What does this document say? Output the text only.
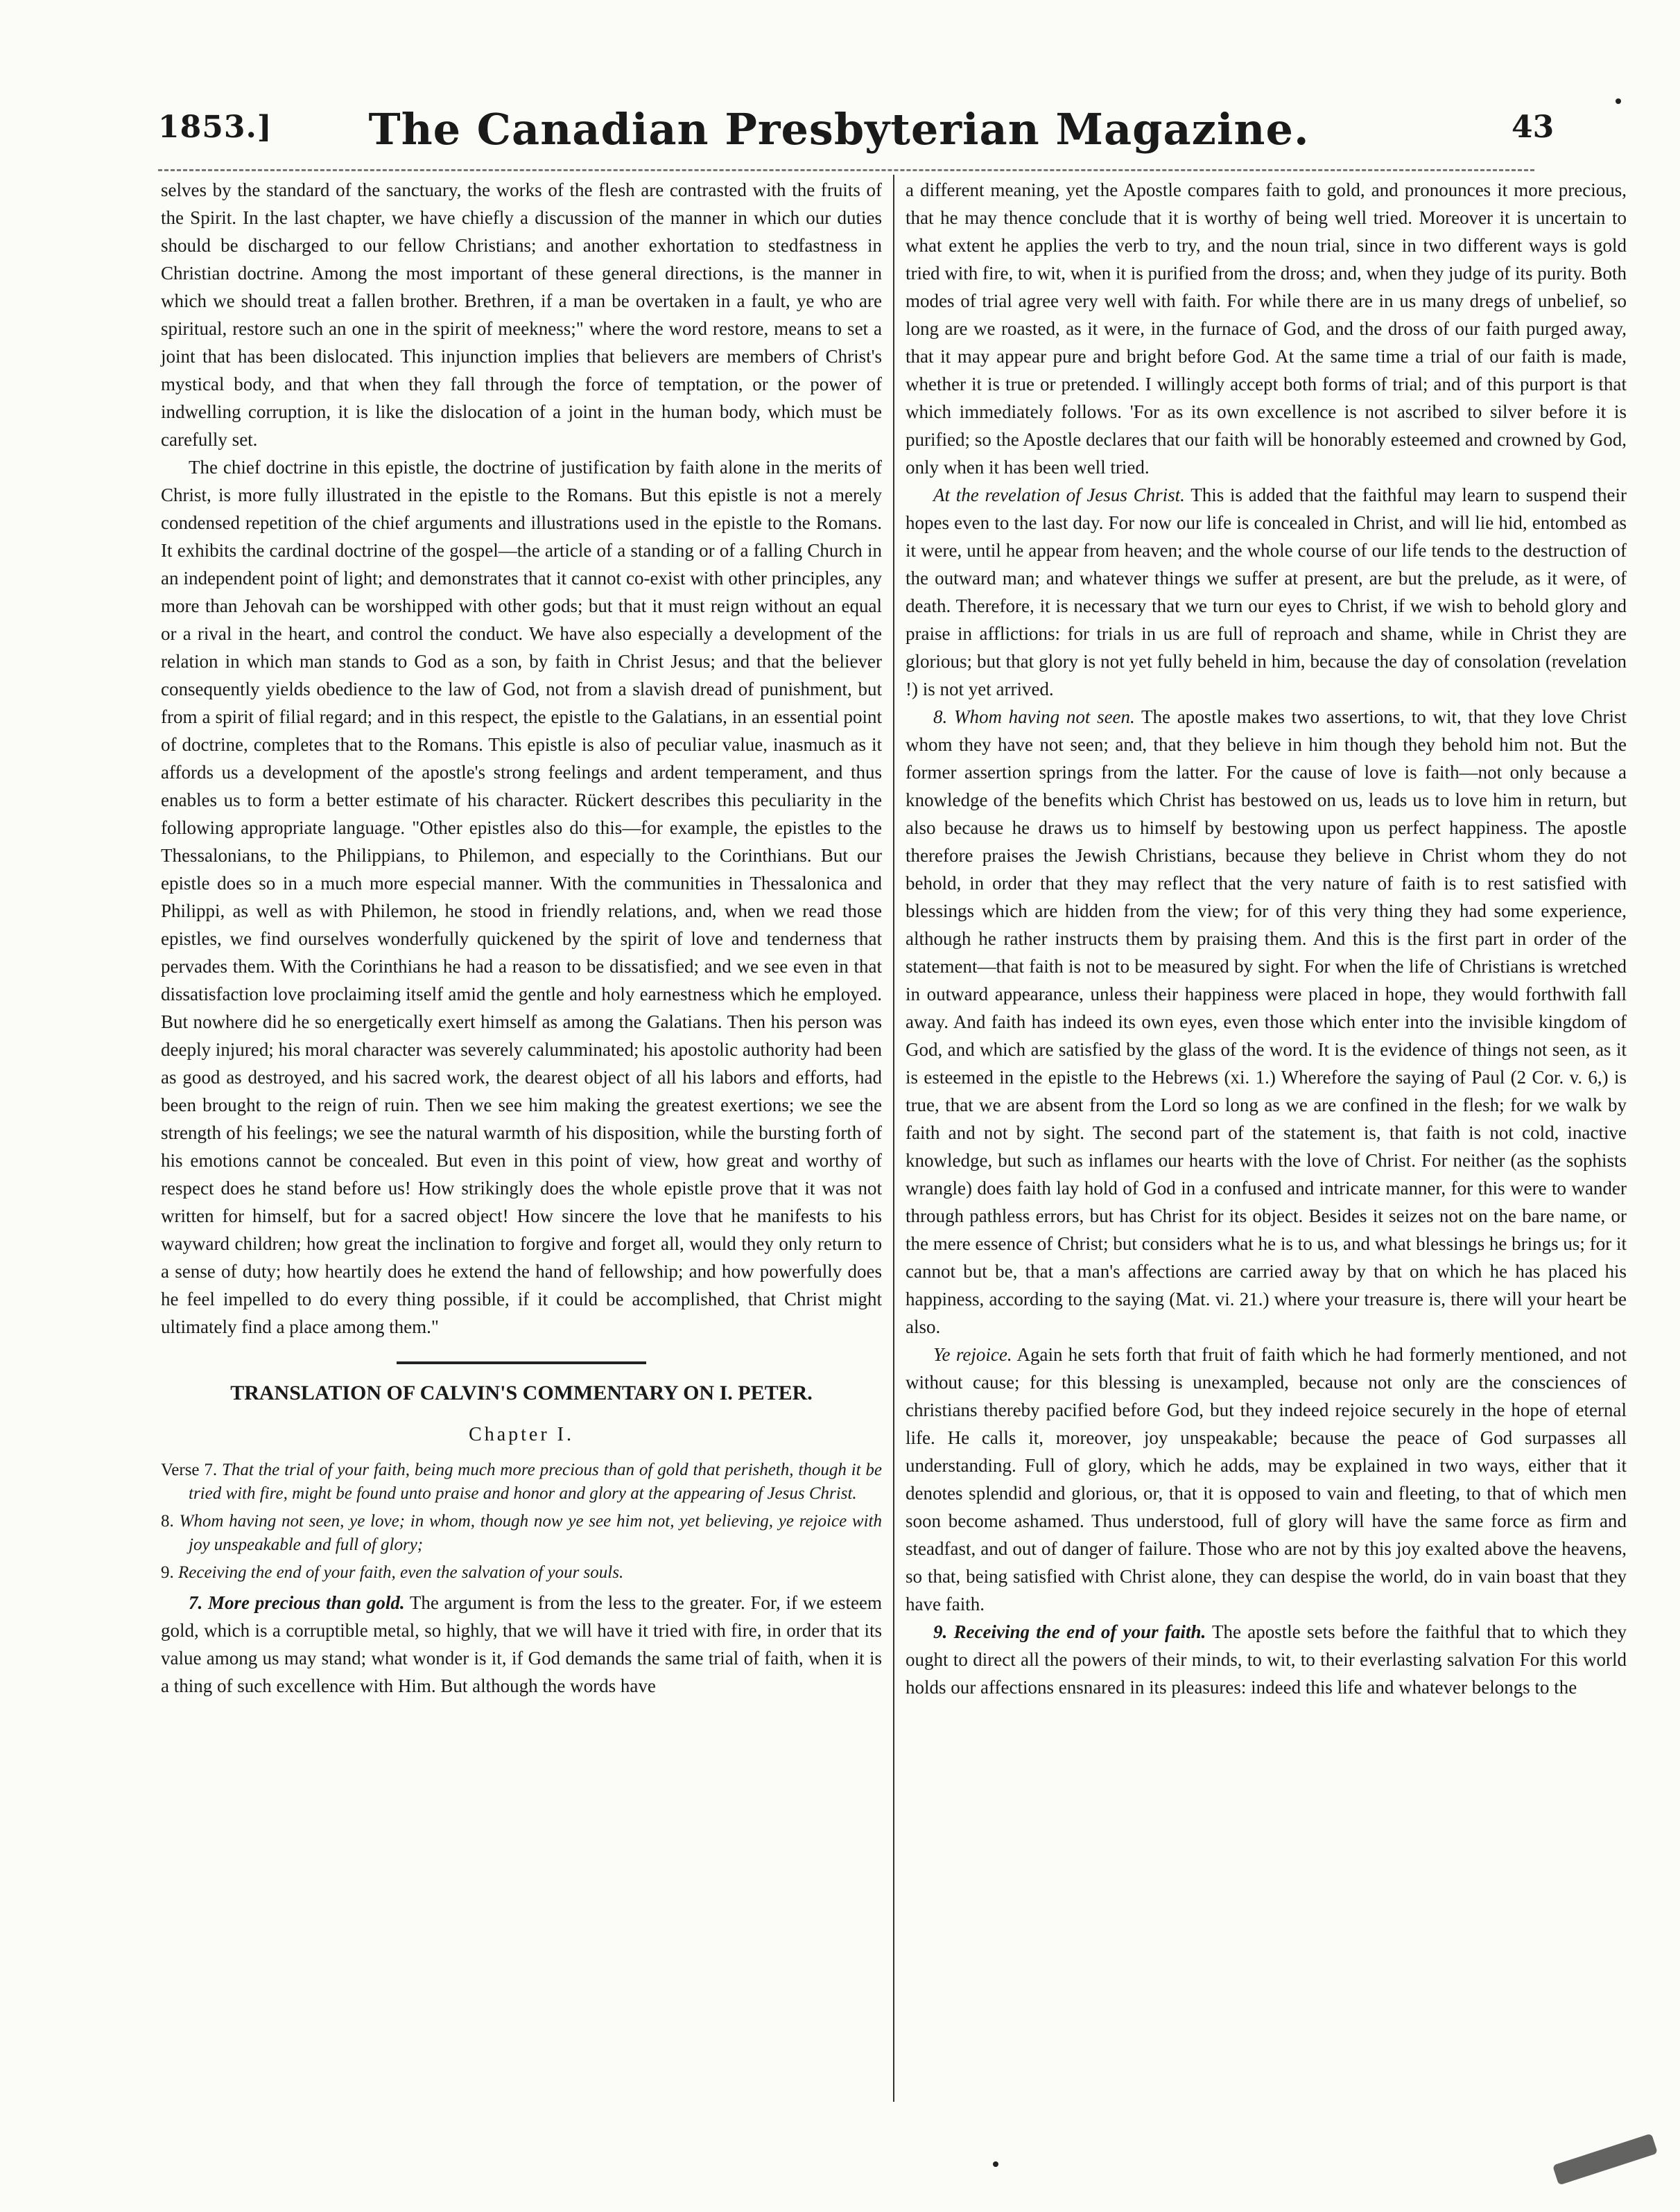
1853.]	The Canadian Presbyterian Magazine.	43

selves by the standard of the sanctuary, the works of the flesh are contrasted with the fruits of the Spirit. In the last chapter, we have chiefly a discussion of the manner in which our duties should be discharged to our fellow Christians; and another exhortation to stedfastness in Christian doctrine. Among the most important of these general directions, is the manner in which we should treat a fallen brother. Brethren, if a man be overtaken in a fault, ye who are spiritual, restore such an one in the spirit of meekness;" where the word restore, means to set a joint that has been dislocated. This injunction implies that believers are members of Christ's mystical body, and that when they fall through the force of temptation, or the power of indwelling corruption, it is like the dislocation of a joint in the human body, which must be carefully set.

The chief doctrine in this epistle, the doctrine of justification by faith alone in the merits of Christ, is more fully illustrated in the epistle to the Romans. But this epistle is not a merely condensed repetition of the chief arguments and illustrations used in the epistle to the Romans. It exhibits the cardinal doctrine of the gospel—the article of a standing or of a falling Church in an independent point of light; and demonstrates that it cannot co-exist with other principles, any more than Jehovah can be worshipped with other gods; but that it must reign without an equal or a rival in the heart, and control the conduct. We have also especially a development of the relation in which man stands to God as a son, by faith in Christ Jesus; and that the believer consequently yields obedience to the law of God, not from a slavish dread of punishment, but from a spirit of filial regard; and in this respect, the epistle to the Galatians, in an essential point of doctrine, completes that to the Romans. This epistle is also of peculiar value, inasmuch as it affords us a development of the apostle's strong feelings and ardent temperament, and thus enables us to form a better estimate of his character. Rückert describes this peculiarity in the following appropriate language. "Other epistles also do this—for example, the epistles to the Thessalonians, to the Philippians, to Philemon, and especially to the Corinthians. But our epistle does so in a much more especial manner. With the communities in Thessalonica and Philippi, as well as with Philemon, he stood in friendly relations, and, when we read those epistles, we find ourselves wonderfully quickened by the spirit of love and tenderness that pervades them. With the Corinthians he had a reason to be dissatisfied; and we see even in that dissatisfaction love proclaiming itself amid the gentle and holy earnestness which he employed. But nowhere did he so energetically exert himself as among the Galatians. Then his person was deeply injured; his moral character was severely calumminated; his apostolic authority had been as good as destroyed, and his sacred work, the dearest object of all his labors and efforts, had been brought to the reign of ruin. Then we see him making the greatest exertions; we see the strength of his feelings; we see the natural warmth of his disposition, while the bursting forth of his emotions cannot be concealed. But even in this point of view, how great and worthy of respect does he stand before us! How strikingly does the whole epistle prove that it was not written for himself, but for a sacred object! How sincere the love that he manifests to his wayward children; how great the inclination to forgive and forget all, would they only return to a sense of duty; how heartily does he extend the hand of fellowship; and how powerfully does he feel impelled to do every thing possible, if it could be accomplished, that Christ might ultimately find a place among them."

TRANSLATION OF CALVIN'S COMMENTARY ON I. PETER.
Chapter I.
Verse 7. That the trial of your faith, being much more precious than of gold that perisheth, though it be tried with fire, might be found unto praise and honor and glory at the appearing of Jesus Christ.
8. Whom having not seen, ye love; in whom, though now ye see him not, yet believing, ye rejoice with joy unspeakable and full of glory;
9. Receiving the end of your faith, even the salvation of your souls.

7. More precious than gold. The argument is from the less to the greater. For, if we esteem gold, which is a corruptible metal, so highly, that we will have it tried with fire, in order that its value among us may stand; what wonder is it, if God demands the same trial of faith, when it is a thing of such excellence with Him. But although the words have

a different meaning, yet the Apostle compares faith to gold, and pronounces it more precious, that he may thence conclude that it is worthy of being well tried. Moreover it is uncertain to what extent he applies the verb to try, and the noun trial, since in two different ways is gold tried with fire, to wit, when it is purified from the dross; and, when they judge of its purity. Both modes of trial agree very well with faith. For while there are in us many dregs of unbelief, so long are we roasted, as it were, in the furnace of God, and the dross of our faith purged away, that it may appear pure and bright before God. At the same time a trial of our faith is made, whether it is true or pretended. I willingly accept both forms of trial; and of this purport is that which immediately follows. 'For as its own excellence is not ascribed to silver before it is purified; so the Apostle declares that our faith will be honorably esteemed and crowned by God, only when it has been well tried.

At the revelation of Jesus Christ. This is added that the faithful may learn to suspend their hopes even to the last day. For now our life is concealed in Christ, and will lie hid, entombed as it were, until he appear from heaven; and the whole course of our life tends to the destruction of the outward man; and whatever things we suffer at present, are but the prelude, as it were, of death. Therefore, it is necessary that we turn our eyes to Christ, if we wish to behold glory and praise in afflictions: for trials in us are full of reproach and shame, while in Christ they are glorious; but that glory is not yet fully beheld in him, because the day of consolation (revelation !) is not yet arrived.

8. Whom having not seen. The apostle makes two assertions, to wit, that they love Christ whom they have not seen; and, that they believe in him though they behold him not. But the former assertion springs from the latter. For the cause of love is faith—not only because a knowledge of the benefits which Christ has bestowed on us, leads us to love him in return, but also because he draws us to himself by bestowing upon us perfect happiness. The apostle therefore praises the Jewish Christians, because they believe in Christ whom they do not behold, in order that they may reflect that the very nature of faith is to rest satisfied with blessings which are hidden from the view; for of this very thing they had some experience, although he rather instructs them by praising them. And this is the first part in order of the statement—that faith is not to be measured by sight. For when the life of Christians is wretched in outward appearance, unless their happiness were placed in hope, they would forthwith fall away. And faith has indeed its own eyes, even those which enter into the invisible kingdom of God, and which are satisfied by the glass of the word. It is the evidence of things not seen, as it is esteemed in the epistle to the Hebrews (xi. 1.) Wherefore the saying of Paul (2 Cor. v. 6,) is true, that we are absent from the Lord so long as we are confined in the flesh; for we walk by faith and not by sight. The second part of the statement is, that faith is not cold, inactive knowledge, but such as inflames our hearts with the love of Christ. For neither (as the sophists wrangle) does faith lay hold of God in a confused and intricate manner, for this were to wander through pathless errors, but has Christ for its object. Besides it seizes not on the bare name, or the mere essence of Christ; but considers what he is to us, and what blessings he brings us; for it cannot but be, that a man's affections are carried away by that on which he has placed his happiness, according to the saying (Mat. vi. 21.) where your treasure is, there will your heart be also.

Ye rejoice. Again he sets forth that fruit of faith which he had formerly mentioned, and not without cause; for this blessing is unexampled, because not only are the consciences of christians thereby pacified before God, but they indeed rejoice securely in the hope of eternal life. He calls it, moreover, joy unspeakable; because the peace of God surpasses all understanding. Full of glory, which he adds, may be explained in two ways, either that it denotes splendid and glorious, or, that it is opposed to vain and fleeting, to that of which men soon become ashamed. Thus understood, full of glory will have the same force as firm and steadfast, and out of danger of failure. Those who are not by this joy exalted above the heavens, so that, being satisfied with Christ alone, they can despise the world, do in vain boast that they have faith.

9. Receiving the end of your faith. The apostle sets before the faithful that to which they ought to direct all the powers of their minds, to wit, to their everlasting salvation For this world holds our affections ensnared in its pleasures: indeed this life and whatever belongs to the
